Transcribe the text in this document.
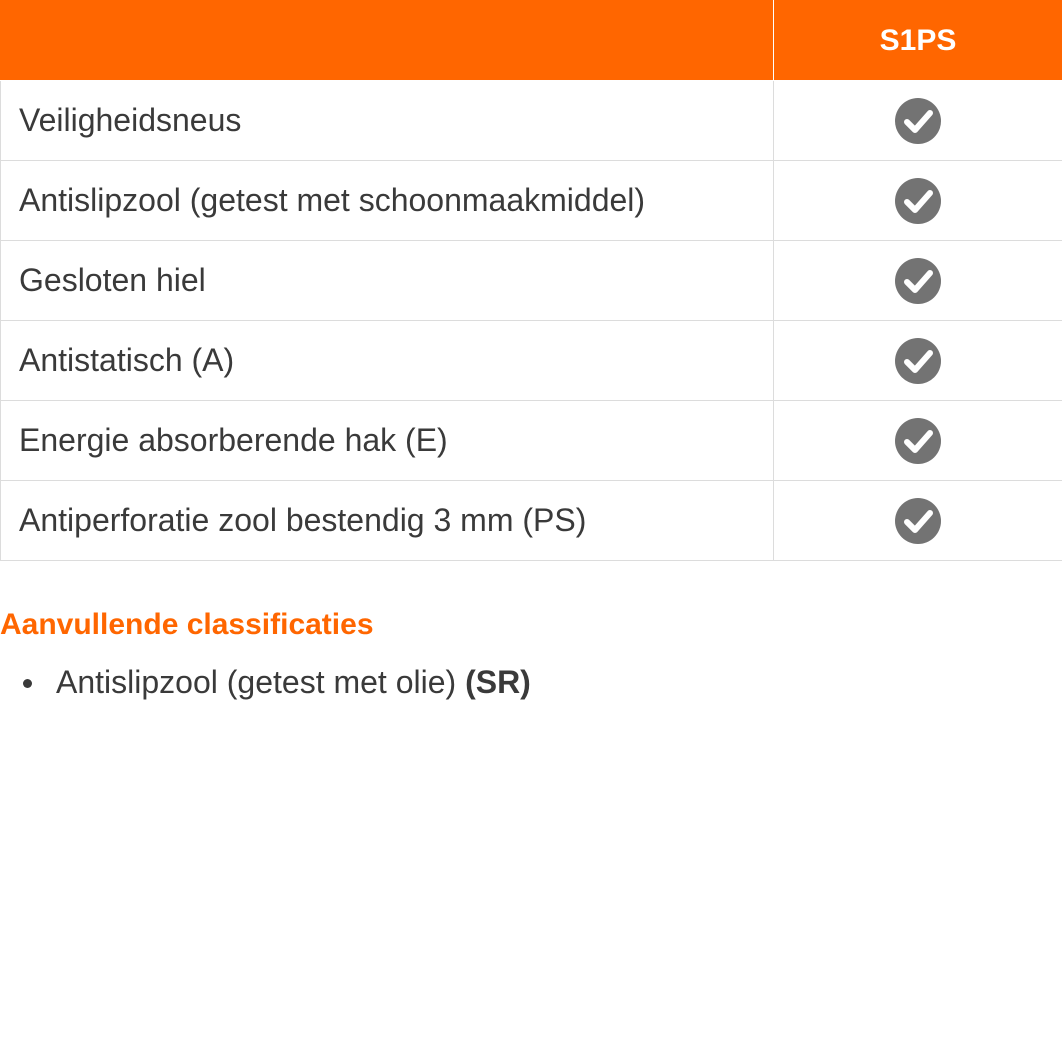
	S1PS
Veiligheidsneus	
Antislipzool (getest met schoonmaakmiddel)	
Gesloten hiel	
Antistatisch (A)	
Energie absorberende hak (E)	
Antiperforatie zool bestendig 3 mm (PS)	
Aanvullende classificaties
Antislipzool (getest met olie) (SR)
